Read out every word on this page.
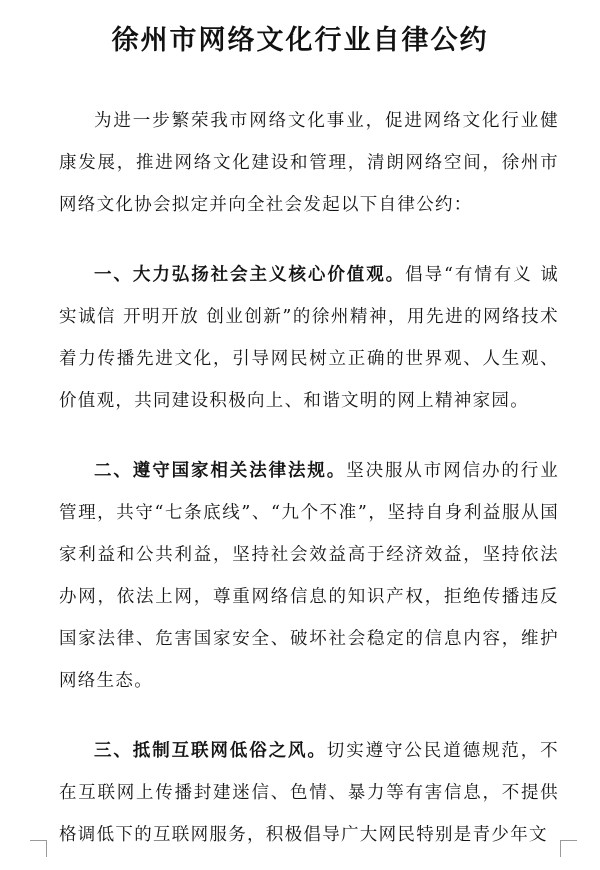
徐州市网络文化行业自律公约

为进一步繁荣我市网络文化事业，促进网络文化行业健康发展，推进网络文化建设和管理，清朗网络空间，徐州市网络文化协会拟定并向全社会发起以下自律公约：

一、大力弘扬社会主义核心价值观。倡导“有情有义 诚实诚信 开明开放 创业创新”的徐州精神，用先进的网络技术着力传播先进文化，引导网民树立正确的世界观、人生观、价值观，共同建设积极向上、和谐文明的网上精神家园。

二、遵守国家相关法律法规。坚决服从市网信办的行业管理，共守“七条底线”、“九个不准”，坚持自身利益服从国家利益和公共利益，坚持社会效益高于经济效益，坚持依法办网，依法上网，尊重网络信息的知识产权，拒绝传播违反国家法律、危害国家安全、破坏社会稳定的信息内容，维护网络生态。

三、抵制互联网低俗之风。切实遵守公民道德规范，不在互联网上传播封建迷信、色情、暴力等有害信息，不提供格调低下的互联网服务，积极倡导广大网民特别是青少年文
